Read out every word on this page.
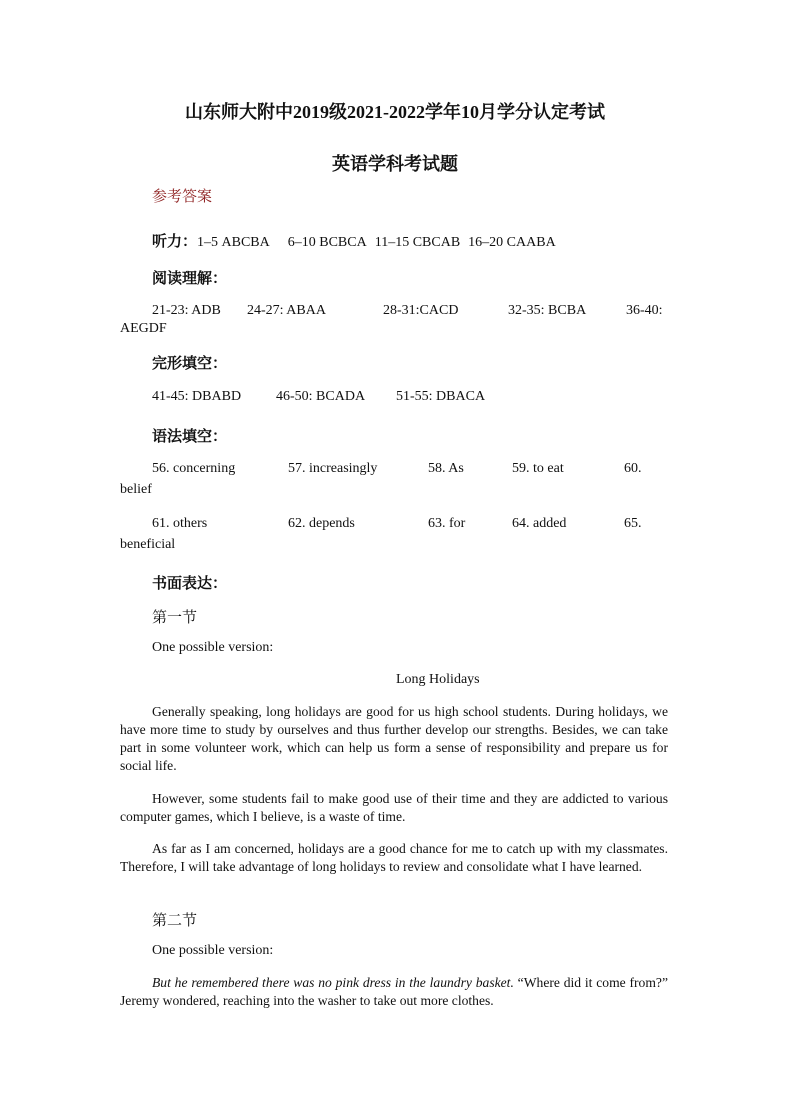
山东师大附中2019级2021-2022学年10月学分认定考试
英语学科考试题
参考答案
听力：1–5 ABCBA 6–10 BCBCA 11–15 CBCAB 16–20 CAABA
阅读理解：
21-23: ADB 24-27: ABAA	28-31:CACD	32-35: BCBA	36-40:
AEGDF
完形填空：
41-45: DBABD 46-50: BCADA 51-55: DBACA
语法填空：
56. concerning	57. increasingly	58. As	59. to eat	60.
belief
61. others	62. depends	63. for	64. added	65.
beneficial
书面表达：
第一节
One possible version:
Long Holidays
Generally speaking, long holidays are good for us high school students. During holidays, we have more time to study by ourselves and thus further develop our strengths. Besides, we can take part in some volunteer work, which can help us form a sense of responsibility and prepare us for social life.
However, some students fail to make good use of their time and they are addicted to various computer games, which I believe, is a waste of time.
As far as I am concerned, holidays are a good chance for me to catch up with my classmates. Therefore, I will take advantage of long holidays to review and consolidate what I have learned.
第二节
One possible version:
But he remembered there was no pink dress in the laundry basket. “Where did it come from?” Jeremy wondered, reaching into the washer to take out more clothes.
